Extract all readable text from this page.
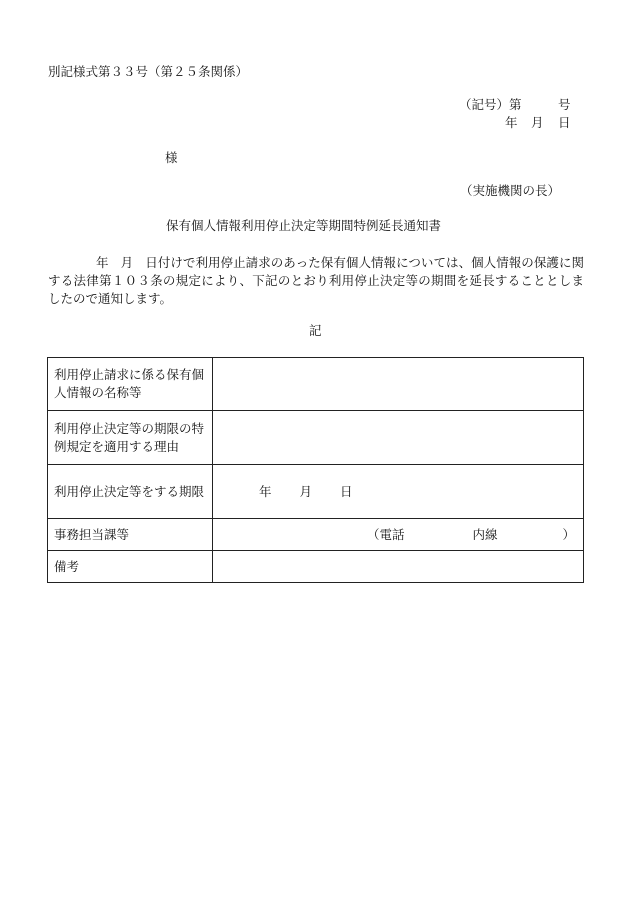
別記様式第３３号（第２５条関係）
（記号）第	号
年 月 日
様
（実施機関の長）
保有個人情報利用停止決定等期間特例延長通知書
年 月 日付けで利用停止請求のあった保有個人情報については、個人情報の保護に関する法律第１０３条の規定により、下記のとおり利用停止決定等の期間を延長することとしましたので通知します。
記
利用停止請求に係る保有個人情報の名称等	
利用停止決定等の期限の特例規定を適用する理由	
利用停止決定等をする期限	年 月 日
事務担当課等	（電話 内線 ）
備考	
